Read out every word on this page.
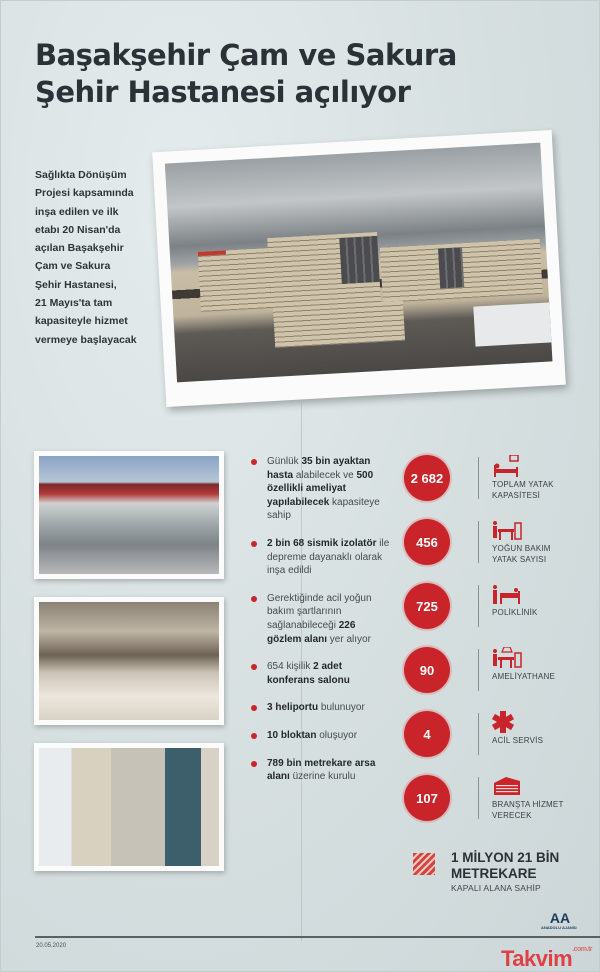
Başakşehir Çam ve Sakura
Şehir Hastanesi açılıyor
Sağlıkta Dönüşüm
Projesi kapsamında
inşa edilen ve ilk
etabı 20 Nisan'da
açılan Başakşehir
Çam ve Sakura
Şehir Hastanesi,
21 Mayıs'ta tam
kapasiteyle hizmet
vermeye başlayacak
Günlük 35 bin ayaktan hasta alabilecek ve 500 özellikli ameliyat yapılabilecek kapasiteye sahip
2 bin 68 sismik izolatör ile depreme dayanaklı olarak inşa edildi
Gerektiğinde acil yoğun bakım şartlarının sağlanabileceği 226 gözlem alanı yer alıyor
654 kişilik 2 adet konferans salonu
3 heliportu bulunuyor
10 bloktan oluşuyor
789 bin metrekare arsa alanı üzerine kurulu
2 682	TOPLAM YATAK
KAPASİTESİ
456	YOĞUN BAKIM
YATAK SAYISI
725	POLİKLİNİK
90	AMELİYATHANE
4	ACİL SERVİS
107	BRANŞTA HİZMET
VERECEK
1 MİLYON 21 BİN
METREKARE
KAPALI ALANA SAHİP
20.05.2020
AA
ANADOLU AJANSI
Takvim$^{.com.tr}$
